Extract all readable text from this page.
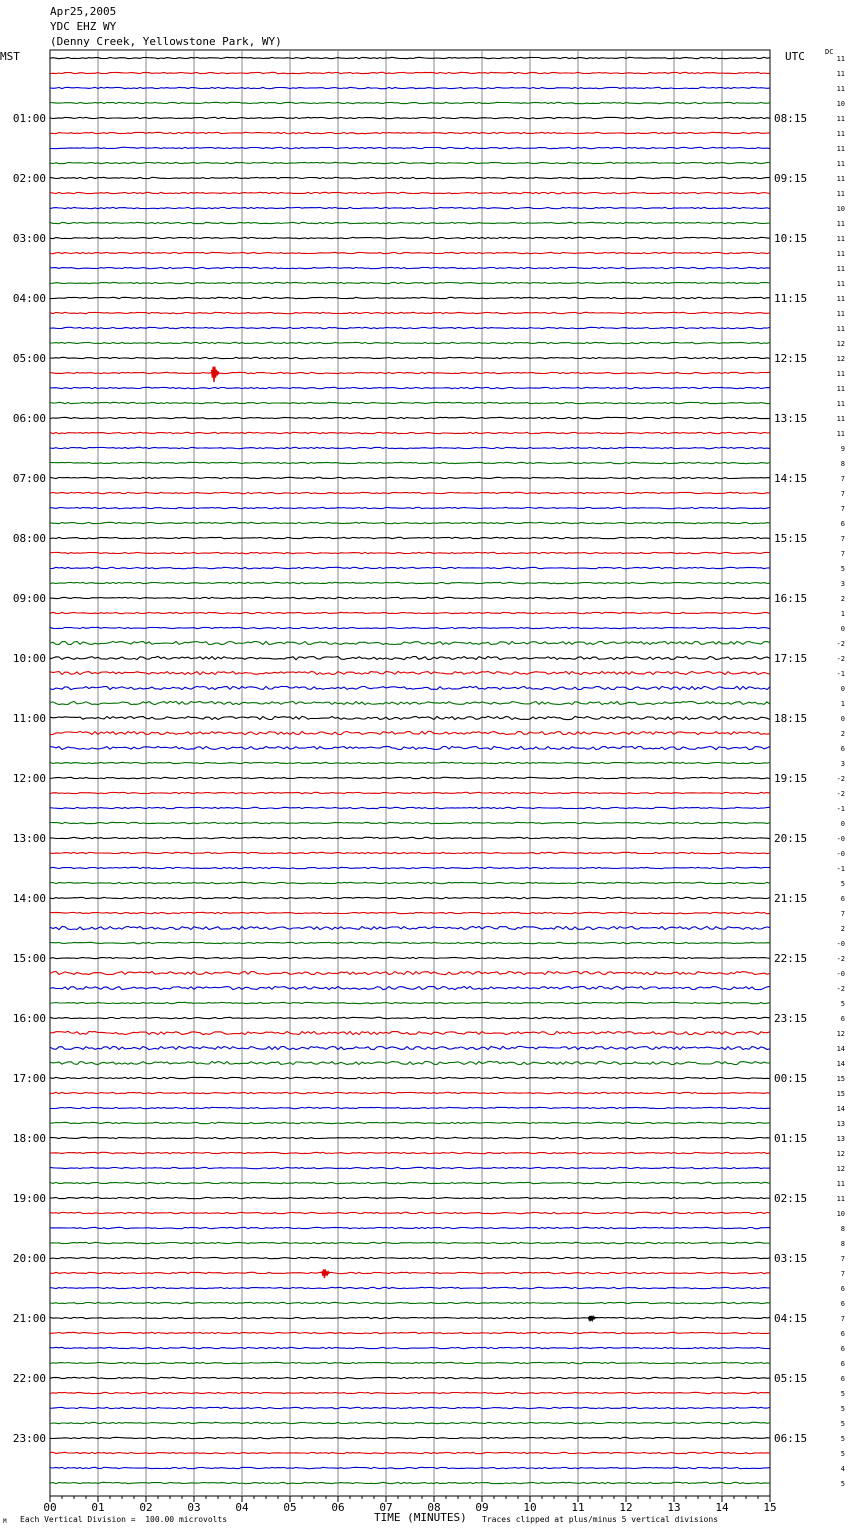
Apr25,2005
YDC EHZ WY
(Denny Creek, Yellowstone Park, WY)
MST	UTC	DC
01:00
02:00
03:00
04:00
05:00
06:00
07:00
08:00
09:00
10:00
11:00
12:00
13:00
14:00
15:00
16:00
17:00
18:00
19:00
20:00
21:00
22:00
23:00
08:15
09:15
10:15
11:15
12:15
13:15
14:15
15:15
16:15
17:15
18:15
19:15
20:15
21:15
22:15
23:15
00:15
01:15
02:15
03:15
04:15
05:15
06:15
11
11
11
10
11
11
11
11
11
11
10
11
11
11
11
11
11
11
11
12
12
11
11
11
11
11
9
8
7
7
7
6
7
7
5
3
2
1
0
-2
-2
-1
0
1
0
2
6
3
-2
-2
-1
0
-0
-0
-1
5
6
7
2
-0
-2
-0
-2
5
6
12
14
14
15
15
14
13
13
12
12
11
11
10
8
8
7
7
6
6
7
6
6
6
6
5
5
5
5
5
4
5
00	01	02	03	04	05	06	07	08	09	10	11	12	13	14	15
TIME (MINUTES)
Each Vertical Division =  100.00 microvolts	Traces clipped at plus/minus 5 vertical divisions
M
